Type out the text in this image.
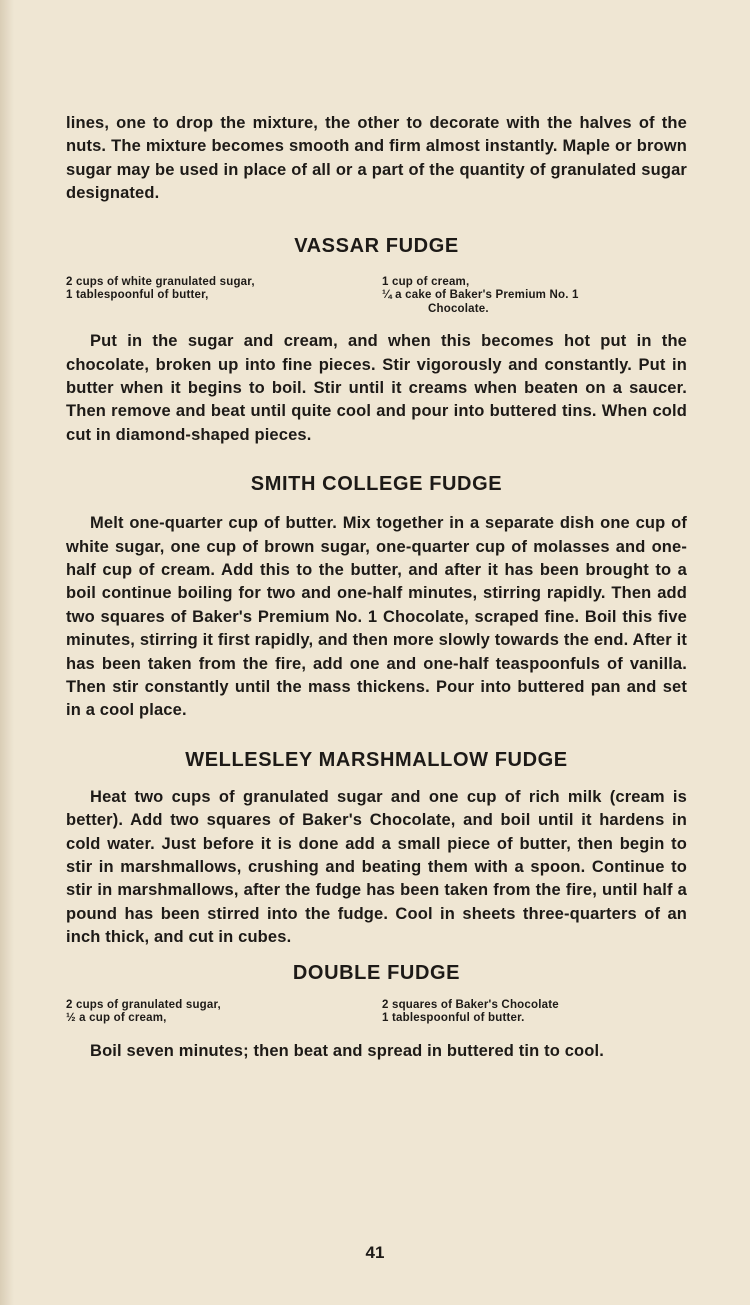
lines, one to drop the mixture, the other to decorate with the halves of the nuts. The mixture becomes smooth and firm almost instantly. Maple or brown sugar may be used in place of all or a part of the quantity of granulated sugar designated.

VASSAR FUDGE
2 cups of white granulated sugar,
1 tablespoonful of butter,
1 cup of cream,
¼ a cake of Baker's Premium No. 1
Chocolate.

Put in the sugar and cream, and when this becomes hot put in the chocolate, broken up into fine pieces. Stir vigorously and constantly. Put in butter when it begins to boil. Stir until it creams when beaten on a saucer. Then remove and beat until quite cool and pour into buttered tins. When cold cut in diamond-shaped pieces.

SMITH COLLEGE FUDGE

Melt one-quarter cup of butter. Mix together in a separate dish one cup of white sugar, one cup of brown sugar, one-quarter cup of molasses and one-half cup of cream. Add this to the butter, and after it has been brought to a boil continue boiling for two and one-half minutes, stirring rapidly. Then add two squares of Baker's Premium No. 1 Chocolate, scraped fine. Boil this five minutes, stirring it first rapidly, and then more slowly towards the end. After it has been taken from the fire, add one and one-half teaspoonfuls of vanilla. Then stir constantly until the mass thickens. Pour into buttered pan and set in a cool place.

WELLESLEY MARSHMALLOW FUDGE

Heat two cups of granulated sugar and one cup of rich milk (cream is better). Add two squares of Baker's Chocolate, and boil until it hardens in cold water. Just before it is done add a small piece of butter, then begin to stir in marshmallows, crushing and beating them with a spoon. Continue to stir in marshmallows, after the fudge has been taken from the fire, until half a pound has been stirred into the fudge. Cool in sheets three-quarters of an inch thick, and cut in cubes.

DOUBLE FUDGE
2 cups of granulated sugar,
½ a cup of cream,
2 squares of Baker's Chocolate
1 tablespoonful of butter.

Boil seven minutes; then beat and spread in buttered tin to cool.

41
